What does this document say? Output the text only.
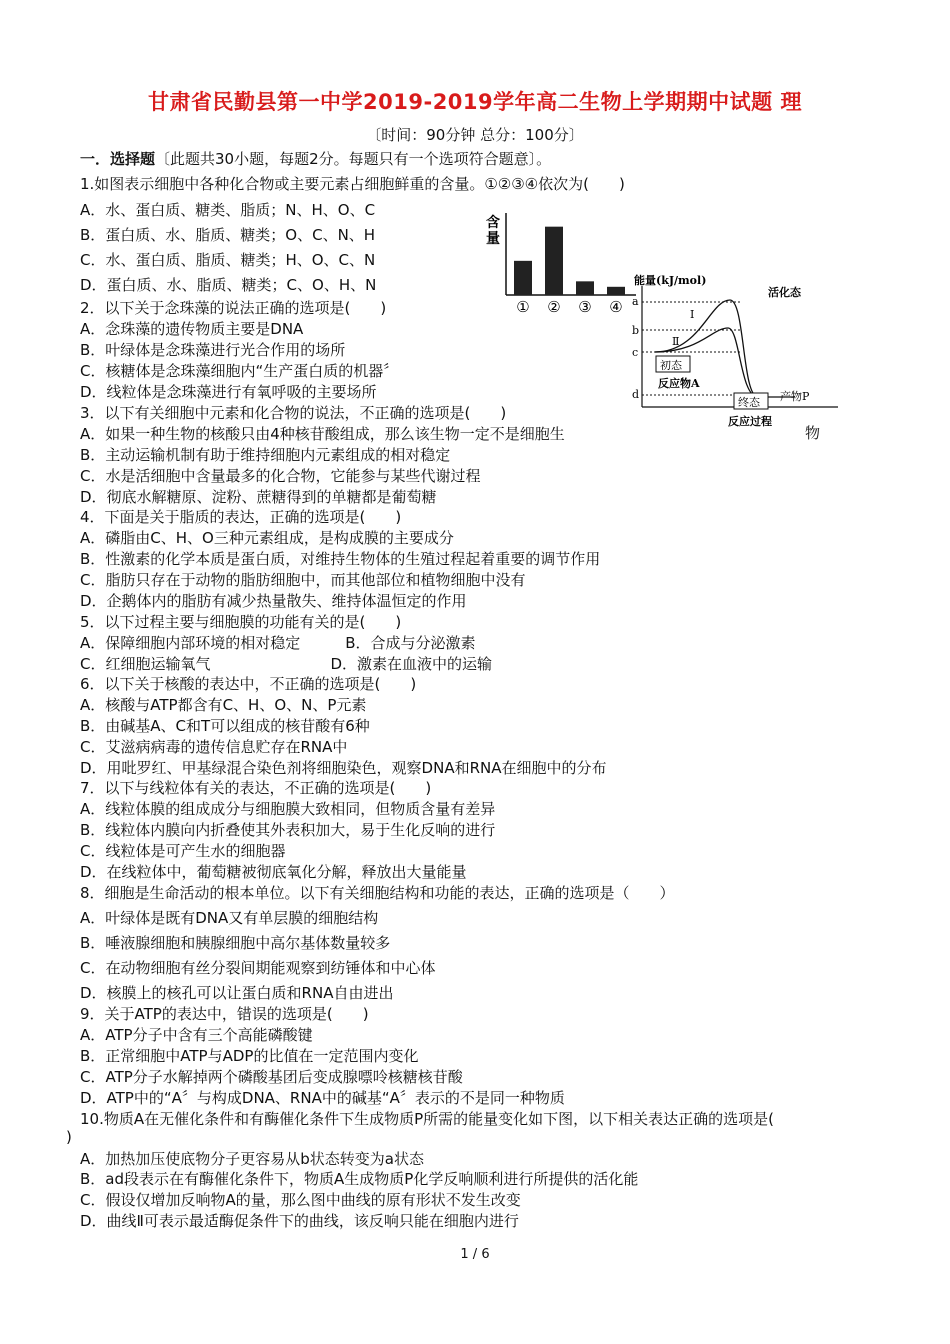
甘肃省民勤县第一中学2019-2019学年高二生物上学期期中试题 理
〔时间：90分钟 总分：100分〕
一．选择题〔此题共30小题，每题2分。每题只有一个选项符合题意〕。
1.如图表示细胞中各种化合物或主要元素占细胞鲜重的含量。①②③④依次为(　　)
A．水、蛋白质、糖类、脂质；N、H、O、C
B．蛋白质、水、脂质、糖类；O、C、N、H
C．水、蛋白质、脂质、糖类；H、O、C、N
D．蛋白质、水、脂质、糖类；C、O、H、N
2．以下关于念珠藻的说法正确的选项是(　　)
A．念珠藻的遗传物质主要是DNA
B．叶绿体是念珠藻进行光合作用的场所
C．核糖体是念珠藻细胞内“生产蛋白质的机器〞
D．线粒体是念珠藻进行有氧呼吸的主要场所
3．以下有关细胞中元素和化合物的说法，不正确的选项是(　　)
A．如果一种生物的核酸只由4种核苷酸组成，那么该生物一定不是细胞生
B．主动运输机制有助于维持细胞内元素组成的相对稳定
C．水是活细胞中含量最多的化合物，它能参与某些代谢过程
D．彻底水解糖原、淀粉、蔗糖得到的单糖都是葡萄糖
4．下面是关于脂质的表达，正确的选项是(　　)
A．磷脂由C、H、O三种元素组成，是构成膜的主要成分
B．性激素的化学本质是蛋白质，对维持生物体的生殖过程起着重要的调节作用
C．脂肪只存在于动物的脂肪细胞中，而其他部位和植物细胞中没有
D．企鹅体内的脂肪有减少热量散失、维持体温恒定的作用
5．以下过程主要与细胞膜的功能有关的是(　　)
A．保障细胞内部环境的相对稳定　　　B．合成与分泌激素
C．红细胞运输氧气　　　　　　　　D．激素在血液中的运输
6．以下关于核酸的表达中，不正确的选项是(　　)
A．核酸与ATP都含有C、H、O、N、P元素
B．由碱基A、C和T可以组成的核苷酸有6种
C．艾滋病病毒的遗传信息贮存在RNA中
D．用吡罗红、甲基绿混合染色剂将细胞染色，观察DNA和RNA在细胞中的分布
7．以下与线粒体有关的表达，不正确的选项是(　　)
A．线粒体膜的组成成分与细胞膜大致相同，但物质含量有差异
B．线粒体内膜向内折叠使其外表积加大，易于生化反响的进行
C．线粒体是可产生水的细胞器
D．在线粒体中，葡萄糖被彻底氧化分解，释放出大量能量
8．细胞是生命活动的根本单位。以下有关细胞结构和功能的表达，正确的选项是（　　）
A．叶绿体是既有DNA又有单层膜的细胞结构
B．唾液腺细胞和胰腺细胞中高尔基体数量较多
C．在动物细胞有丝分裂间期能观察到纺锤体和中心体
D．核膜上的核孔可以让蛋白质和RNA自由进出
9．关于ATP的表达中，错误的选项是(　　)
A．ATP分子中含有三个高能磷酸键
B．正常细胞中ATP与ADP的比值在一定范围内变化
C．ATP分子水解掉两个磷酸基团后变成腺嘌呤核糖核苷酸
D．ATP中的“A〞与构成DNA、RNA中的碱基“A〞表示的不是同一种物质
10.物质A在无催化条件和有酶催化条件下生成物质P所需的能量变化如下图，以下相关表达正确的选项是(
)
A．加热加压使底物分子更容易从b状态转变为a状态
B．ad段表示在有酶催化条件下，物质A生成物质P化学反响顺利进行所提供的活化能
C．假设仅增加反响物A的量，那么图中曲线的原有形状不发生改变
D．曲线Ⅱ可表示最适酶促条件下的曲线，该反响只能在细胞内进行
物
含
量
① ② ③ ④
能量(kJ/mol)
活化态
a
b
c
d
Ⅰ
Ⅱ
初态
反应物A
终态 产物P
反应过程
1 / 6
